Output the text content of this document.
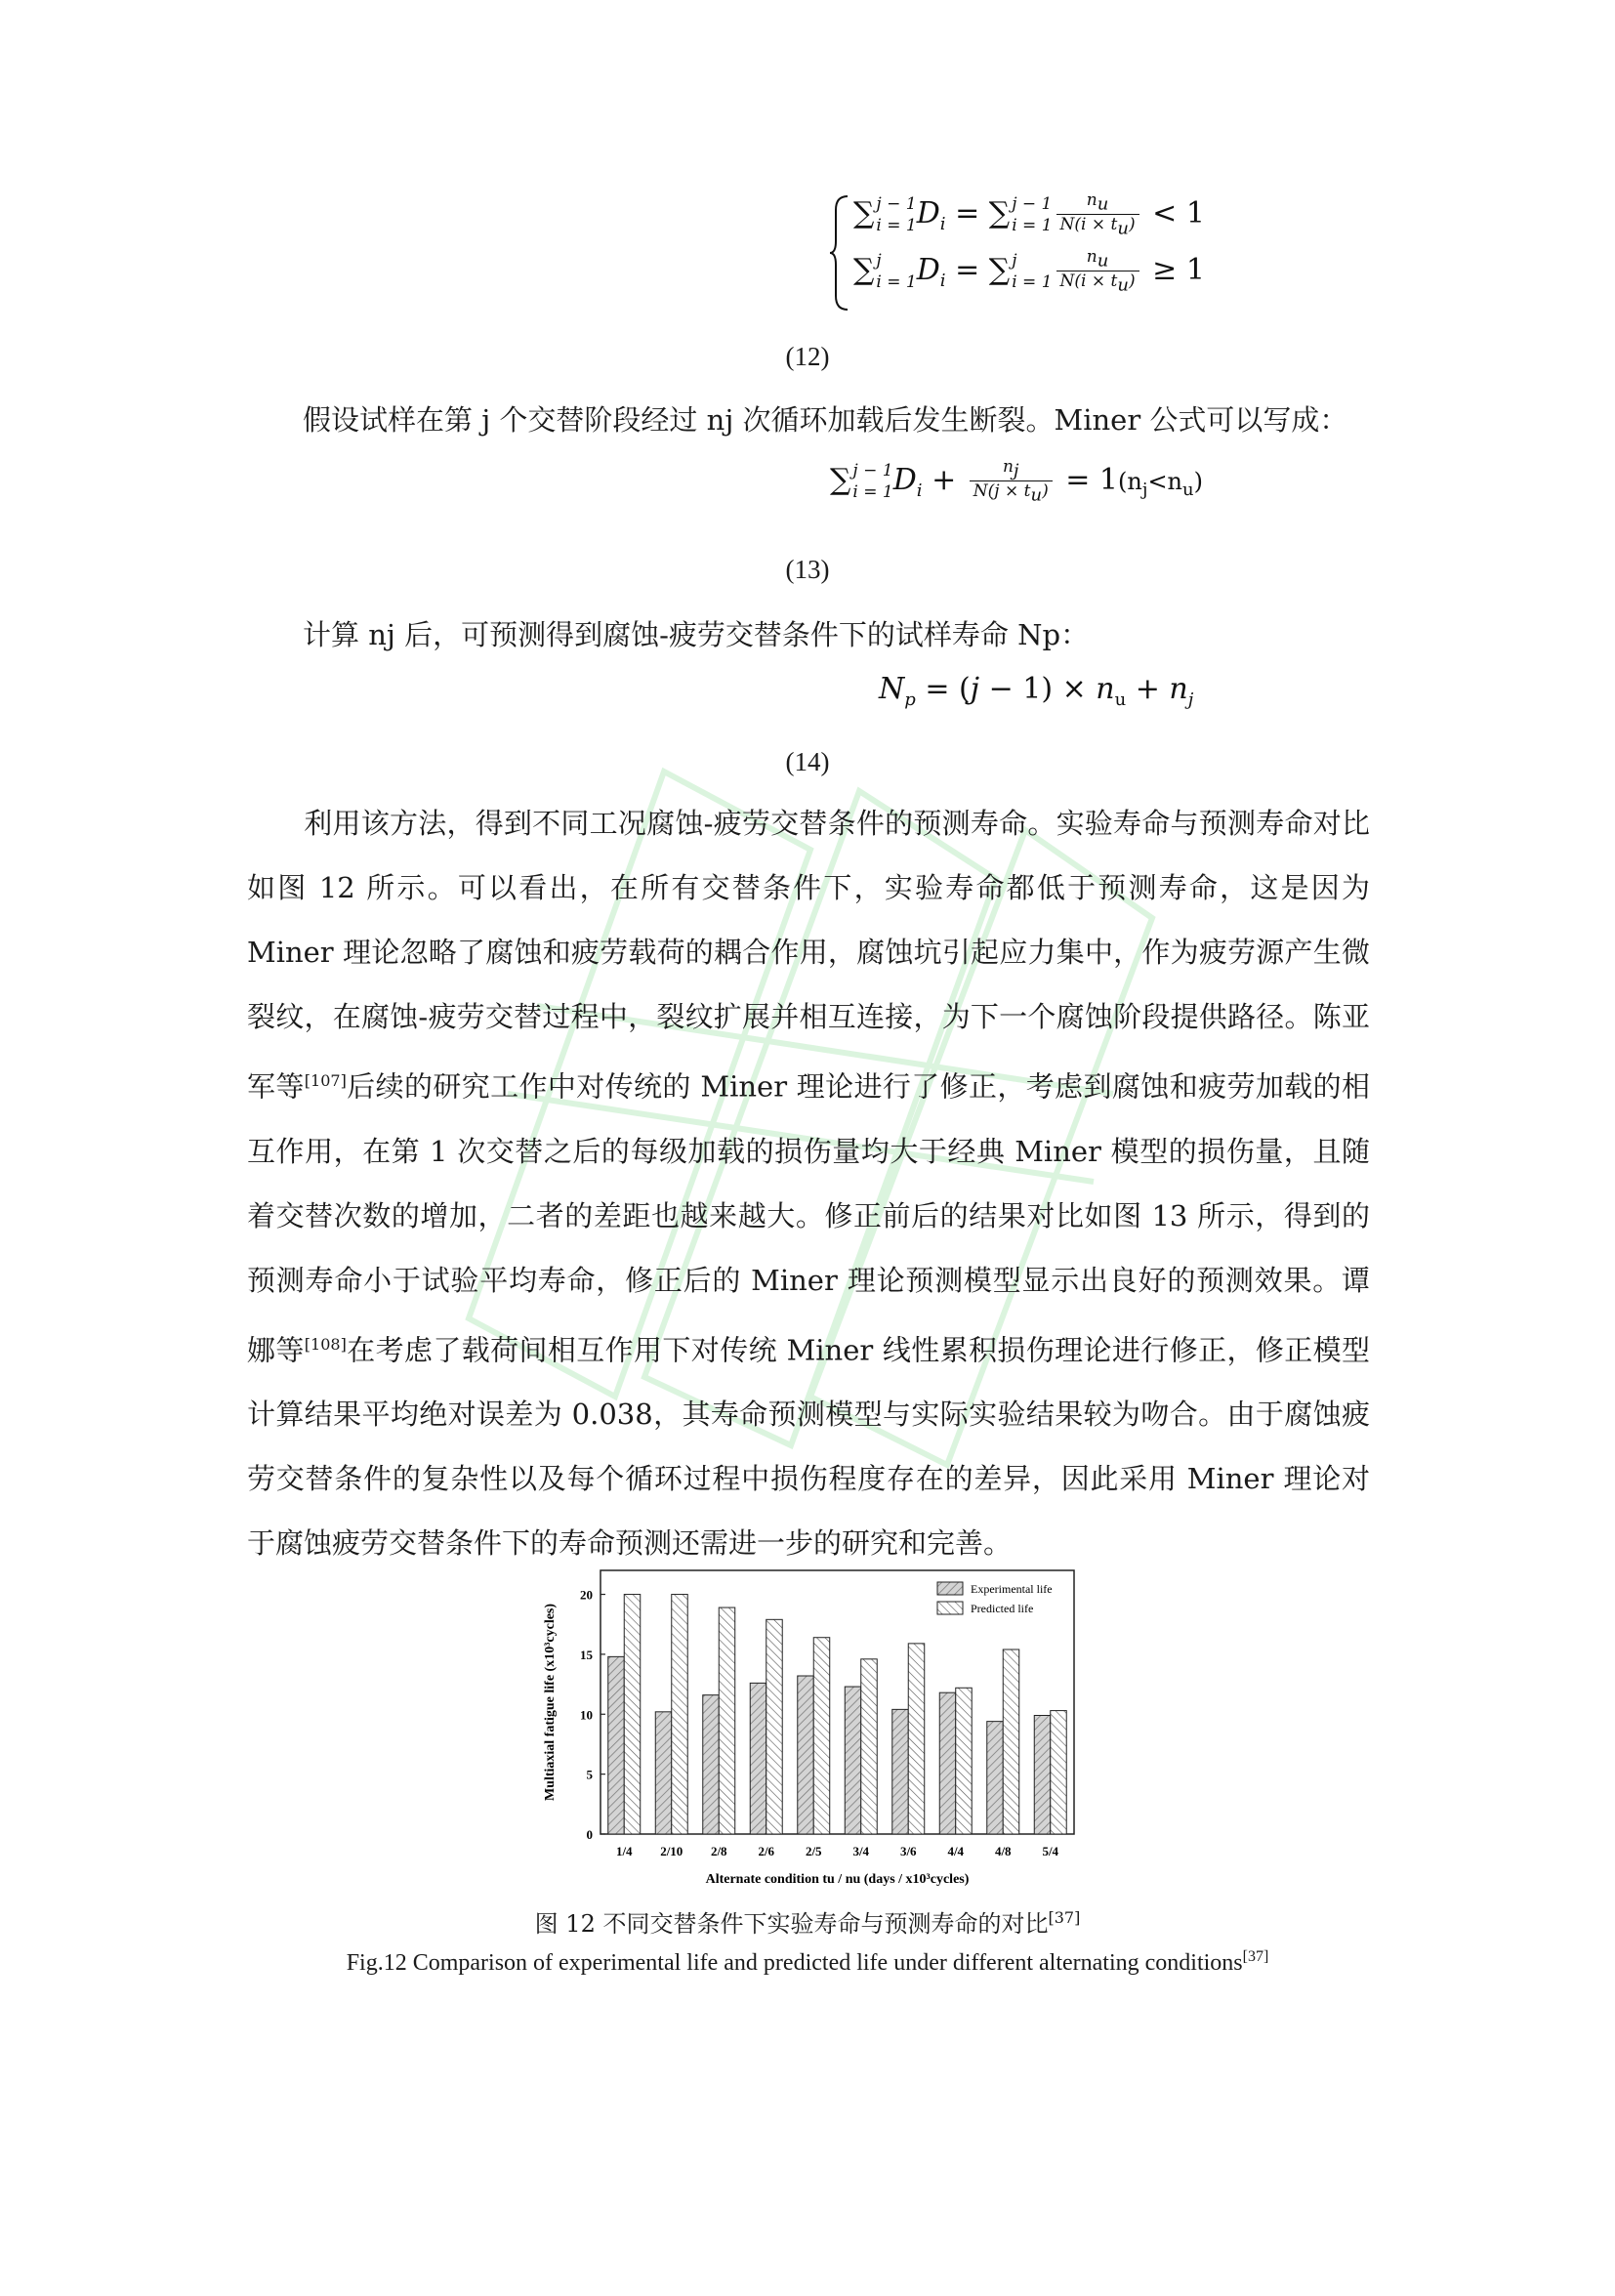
∑ j − 1
i = 1 $D_i$ = ∑ j − 1
$i = 1 \frac{n_u}{N(i \times t_u)} < 1$
∑ j
i = 1 $D_i$ = ∑ j
$i = 1 \frac{n_u}{N(i \times t_u)} \ge 1$
(12)
假设试样在第 j 个交替阶段经过 nj 次循环加载后发生断裂。Miner 公式可以写成：
∑ j − 1
i = 1 $D_i + \frac{n_j}{N(j \times t_u)} = 1(n_j<n_u)$
(13)
计算 nj 后，可预测得到腐蚀-疲劳交替条件下的试样寿命 Np：
$N_p = (j - 1) \times n_u + n_j$
(14)

利用该方法，得到不同工况腐蚀-疲劳交替条件的预测寿命。实验寿命与预测寿命对比如图 12 所示。可以看出，在所有交替条件下，实验寿命都低于预测寿命，这是因为 Miner 理论忽略了腐蚀和疲劳载荷的耦合作用，腐蚀坑引起应力集中，作为疲劳源产生微裂纹，在腐蚀-疲劳交替过程中，裂纹扩展并相互连接，为下一个腐蚀阶段提供路径。陈亚军等[107]后续的研究工作中对传统的 Miner 理论进行了修正，考虑到腐蚀和疲劳加载的相互作用，在第 1 次交替之后的每级加载的损伤量均大于经典 Miner 模型的损伤量，且随着交替次数的增加，二者的差距也越来越大。修正前后的结果对比如图 13 所示，得到的预测寿命小于试验平均寿命，修正后的 Miner 理论预测模型显示出良好的预测效果。谭娜等[108]在考虑了载荷间相互作用下对传统 Miner 线性累积损伤理论进行修正，修正模型计算结果平均绝对误差为 0.038，其寿命预测模型与实际实验结果较为吻合。由于腐蚀疲劳交替条件的复杂性以及每个循环过程中损伤程度存在的差异，因此采用 Miner 理论对于腐蚀疲劳交替条件下的寿命预测还需进一步的研究和完善。

0
5
10
15
20
1/4 2/10 2/8 2/6 2/5 3/4 3/6 4/4 4/8 5/4
Alternate condition tu / nu (days / x10³cycles)
Multiaxial fatigue life (x10³cycles)
Experimental life
Predicted life
图 12 不同交替条件下实验寿命与预测寿命的对比[37]
Fig.12 Comparison of experimental life and predicted life under different alternating conditions[37]
